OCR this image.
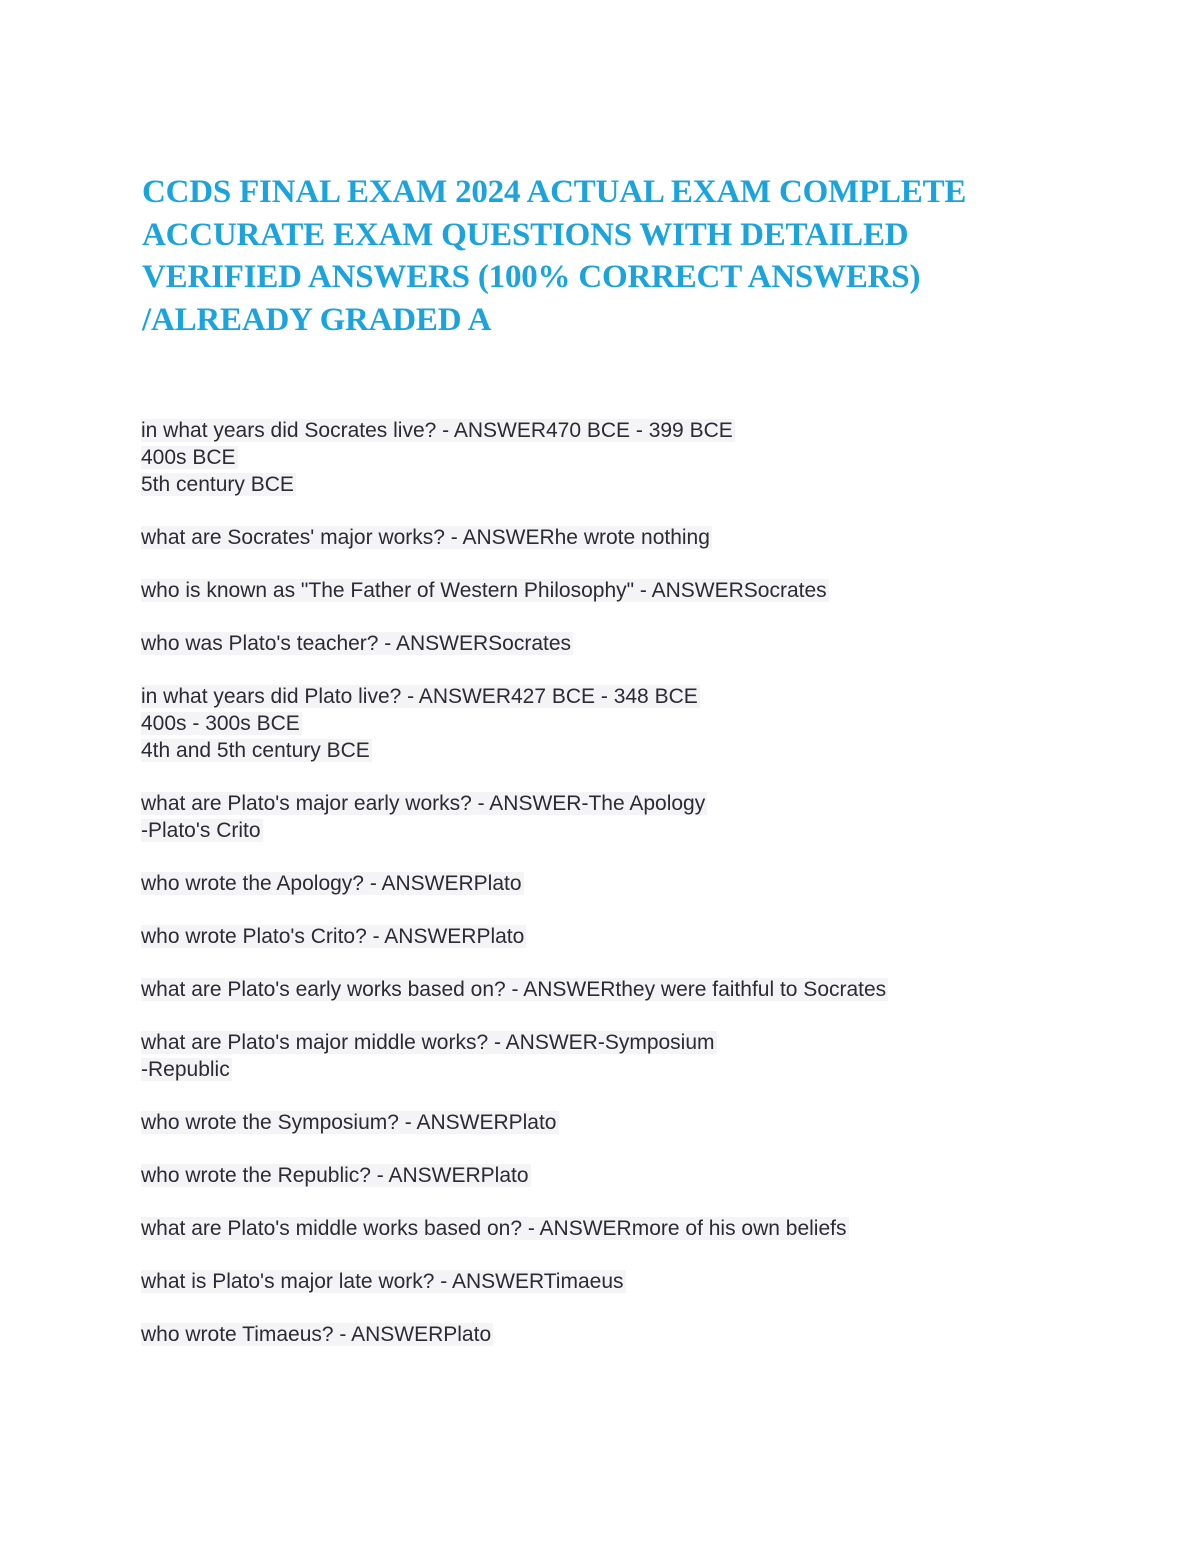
CCDS FINAL EXAM 2024 ACTUAL EXAM COMPLETE
ACCURATE EXAM QUESTIONS WITH DETAILED
VERIFIED ANSWERS (100% CORRECT ANSWERS)
/ALREADY GRADED A
in what years did Socrates live? - ANSWER470 BCE - 399 BCE
400s BCE
5th century BCE
what are Socrates' major works? - ANSWERhe wrote nothing
who is known as "The Father of Western Philosophy" - ANSWERSocrates
who was Plato's teacher? - ANSWERSocrates
in what years did Plato live? - ANSWER427 BCE - 348 BCE
400s - 300s BCE
4th and 5th century BCE
what are Plato's major early works? - ANSWER-The Apology
-Plato's Crito
who wrote the Apology? - ANSWERPlato
who wrote Plato's Crito? - ANSWERPlato
what are Plato's early works based on? - ANSWERthey were faithful to Socrates
what are Plato's major middle works? - ANSWER-Symposium
-Republic
who wrote the Symposium? - ANSWERPlato
who wrote the Republic? - ANSWERPlato
what are Plato's middle works based on? - ANSWERmore of his own beliefs
what is Plato's major late work? - ANSWERTimaeus
who wrote Timaeus? - ANSWERPlato
